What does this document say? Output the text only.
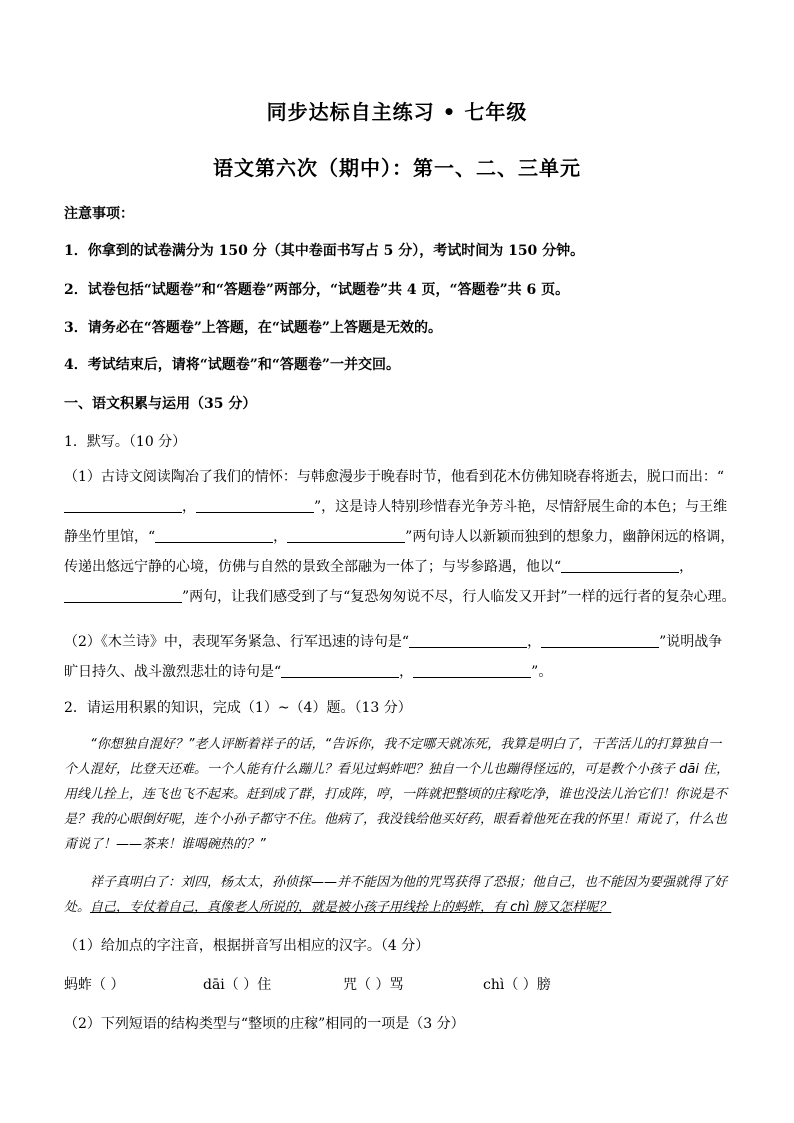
同步达标自主练习 • 七年级
语文第六次（期中）：第一、二、三单元
注意事项：
1．你拿到的试卷满分为 150 分（其中卷面书写占 5 分），考试时间为 150 分钟。
2．试卷包括“试题卷”和“答题卷”两部分，“试题卷”共 4 页，“答题卷”共 6 页。
3．请务必在“答题卷”上答题，在“试题卷”上答题是无效的。
4．考试结束后，请将“试题卷”和“答题卷”一并交回。
一、语文积累与运用（35 分）
1．默写。（10 分）
（1）古诗文阅读陶冶了我们的情怀：与韩愈漫步于晚春时节，他看到花木仿佛知晓春将逝去，脱口而出：“，	”，这是诗人特别珍惜春光争芳斗艳，尽情舒展生命的本色；与王维静坐竹里馆，“	，	”两句诗人以新颖而独到的想象力，幽静闲远的格调，传递出悠远宁静的心境，仿佛与自然的景致全部融为一体了；与岑参路遇，他以“	，”两句，让我们感受到了与“复恐匆匆说不尽，行人临发又开封”一样的远行者的复杂心理。
（2）《木兰诗》中，表现军务紧急、行军迅速的诗句是“	，	”说明战争旷日持久、战斗激烈悲壮的诗句是“	，	”。
2．请运用积累的知识，完成（1）~（4）题。（13 分）
“你想独自混好？”老人评断着祥子的话，“告诉你，我不定哪天就冻死，我算是明白了，干苦活儿的打算独自一个人混好，比登天还难。一个人能有什么蹦儿？看见过蚂蚱吧？独自一个儿也蹦得怪远的，可是教个小孩子 dāi 住，用线儿拴上，连飞也飞不起来。赶到成了群，打成阵，哼，一阵就把整顷的庄稼吃净，谁也没法儿治它们！你说是不是？我的心眼倒好呢，连个小孙子都守不住。他病了，我没钱给他买好药，眼看着他死在我的怀里！甭说了，什么也甭说了！——茶来！谁喝碗热的？”
祥子真明白了：刘四，杨太太，孙侦探——并不能因为他的咒骂获得了恐报；他自己，也不能因为要强就得了好处。自己，专仗着自己，真像老人所说的，就是被小孩子用线拴上的蚂蚱，有 chì 膀又怎样呢？
（1）给加点的字注音，根据拼音写出相应的汉字。（4 分）
蚂蚱（ ）	dāi（ ）住	咒（ ）骂	chì（ ）膀
（2）下列短语的结构类型与“整顷的庄稼”相同的一项是（3 分）
